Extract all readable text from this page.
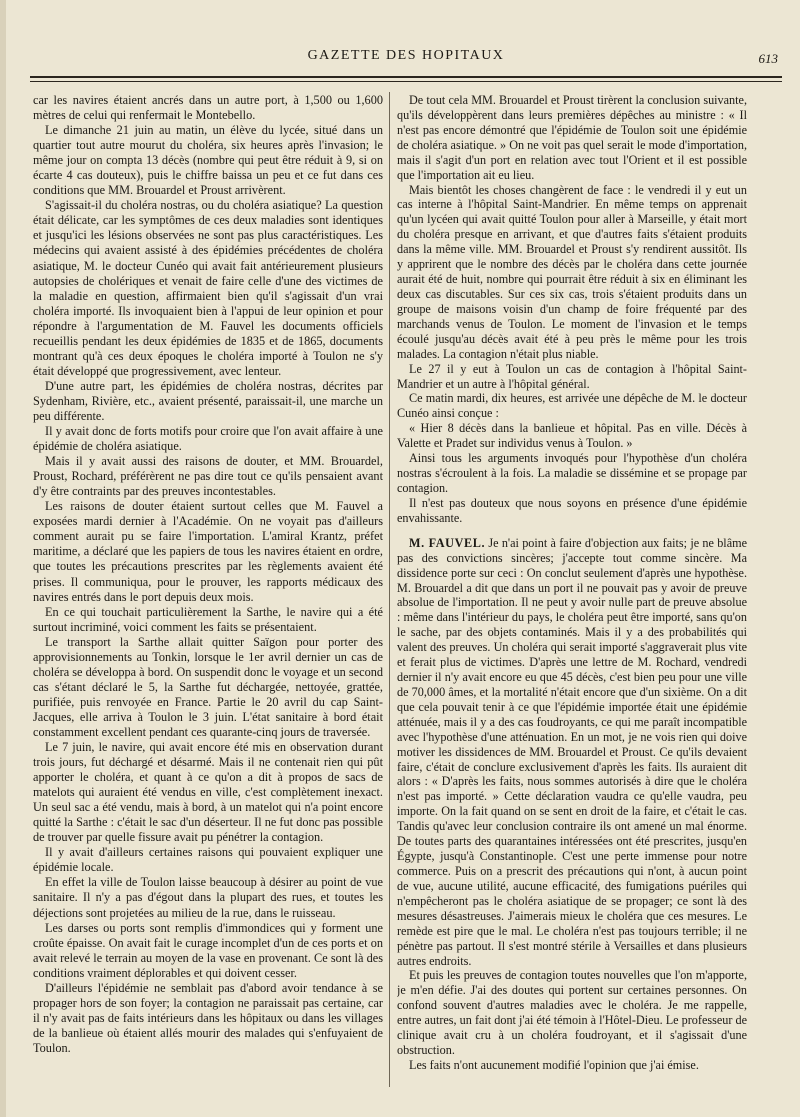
GAZETTE DES HOPITAUX	613

car les navires étaient ancrés dans un autre port, à 1,500 ou 1,600 mètres de celui qui renfermait le Montebello.

Le dimanche 21 juin au matin, un élève du lycée, situé dans un quartier tout autre mourut du choléra, six heures après l'invasion; le même jour on compta 13 décès (nombre qui peut être réduit à 9, si on écarte 4 cas douteux), puis le chiffre baissa un peu et ce fut dans ces conditions que MM. Brouardel et Proust arrivèrent.

S'agissait-il du choléra nostras, ou du choléra asiatique? La question était délicate, car les symptômes de ces deux maladies sont identiques et jusqu'ici les lésions observées ne sont pas plus caractéristiques. Les médecins qui avaient assisté à des épidémies précédentes de choléra asiatique, M. le docteur Cunéo qui avait fait antérieurement plusieurs autopsies de cholériques et venait de faire celle d'une des victimes de la maladie en question, affirmaient bien qu'il s'agissait d'un vrai choléra importé. Ils invoquaient bien à l'appui de leur opinion et pour répondre à l'argumentation de M. Fauvel les documents officiels recueillis pendant les deux épidémies de 1835 et de 1865, documents montrant qu'à ces deux époques le choléra importé à Toulon ne s'y était développé que progressivement, avec lenteur.

D'une autre part, les épidémies de choléra nostras, décrites par Sydenham, Rivière, etc., avaient présenté, paraissait-il, une marche un peu différente.

Il y avait donc de forts motifs pour croire que l'on avait affaire à une épidémie de choléra asiatique.

Mais il y avait aussi des raisons de douter, et MM. Brouardel, Proust, Rochard, préférèrent ne pas dire tout ce qu'ils pensaient avant d'y être contraints par des preuves incontestables.

Les raisons de douter étaient surtout celles que M. Fauvel a exposées mardi dernier à l'Académie. On ne voyait pas d'ailleurs comment aurait pu se faire l'importation. L'amiral Krantz, préfet maritime, a déclaré que les papiers de tous les navires étaient en ordre, que toutes les précautions prescrites par les règlements avaient été prises. Il communiqua, pour le prouver, les rapports médicaux des navires entrés dans le port depuis deux mois.

En ce qui touchait particulièrement la Sarthe, le navire qui a été surtout incriminé, voici comment les faits se présentaient.

Le transport la Sarthe allait quitter Saïgon pour porter des approvisionnements au Tonkin, lorsque le 1er avril dernier un cas de choléra se développa à bord. On suspendit donc le voyage et un second cas s'étant déclaré le 5, la Sarthe fut déchargée, nettoyée, grattée, purifiée, puis renvoyée en France. Partie le 20 avril du cap Saint-Jacques, elle arriva à Toulon le 3 juin. L'état sanitaire à bord était constamment excellent pendant ces quarante-cinq jours de traversée.

Le 7 juin, le navire, qui avait encore été mis en observation durant trois jours, fut déchargé et désarmé. Mais il ne contenait rien qui pût apporter le choléra, et quant à ce qu'on a dit à propos de sacs de matelots qui auraient été vendus en ville, c'est complètement inexact. Un seul sac a été vendu, mais à bord, à un matelot qui n'a point encore quitté la Sarthe : c'était le sac d'un déserteur. Il ne fut donc pas possible de trouver par quelle fissure avait pu pénétrer la contagion.

Il y avait d'ailleurs certaines raisons qui pouvaient expliquer une épidémie locale.

En effet la ville de Toulon laisse beaucoup à désirer au point de vue sanitaire. Il n'y a pas d'égout dans la plupart des rues, et toutes les déjections sont projetées au milieu de la rue, dans le ruisseau.

Les darses ou ports sont remplis d'immondices qui y forment une croûte épaisse. On avait fait le curage incomplet d'un de ces ports et on avait relevé le terrain au moyen de la vase en provenant. Ce sont là des conditions vraiment déplorables et qui doivent cesser.

D'ailleurs l'épidémie ne semblait pas d'abord avoir tendance à se propager hors de son foyer; la contagion ne paraissait pas certaine, car il n'y avait pas de faits intérieurs dans les hôpitaux ou dans les villages de la banlieue où étaient allés mourir des malades qui s'enfuyaient de Toulon.

De tout cela MM. Brouardel et Proust tirèrent la conclusion suivante, qu'ils développèrent dans leurs premières dépêches au ministre : « Il n'est pas encore démontré que l'épidémie de Toulon soit une épidémie de choléra asiatique. » On ne voit pas quel serait le mode d'importation, mais il s'agit d'un port en relation avec tout l'Orient et il est possible que l'importation ait eu lieu.

Mais bientôt les choses changèrent de face : le vendredi il y eut un cas interne à l'hôpital Saint-Mandrier. En même temps on apprenait qu'un lycéen qui avait quitté Toulon pour aller à Marseille, y était mort du choléra presque en arrivant, et que d'autres faits s'étaient produits dans la même ville. MM. Brouardel et Proust s'y rendirent aussitôt. Ils y apprirent que le nombre des décès par le choléra dans cette journée aurait été de huit, nombre qui pourrait être réduit à six en éliminant les deux cas discutables. Sur ces six cas, trois s'étaient produits dans un groupe de maisons voisin d'un champ de foire fréquenté par des marchands venus de Toulon. Le moment de l'invasion et le temps écoulé jusqu'au décès avait été à peu près le même pour les trois malades. La contagion n'était plus niable.

Le 27 il y eut à Toulon un cas de contagion à l'hôpital Saint-Mandrier et un autre à l'hôpital général.

Ce matin mardi, dix heures, est arrivée une dépêche de M. le docteur Cunéo ainsi conçue :

« Hier 8 décès dans la banlieue et hôpital. Pas en ville. Décès à Valette et Pradet sur individus venus à Toulon. »

Ainsi tous les arguments invoqués pour l'hypothèse d'un choléra nostras s'écroulent à la fois. La maladie se dissémine et se propage par contagion.

Il n'est pas douteux que nous soyons en présence d'une épidémie envahissante.

M. FAUVEL. Je n'ai point à faire d'objection aux faits; je ne blâme pas des convictions sincères; j'accepte tout comme sincère. Ma dissidence porte sur ceci : On conclut seulement d'après une hypothèse. M. Brouardel a dit que dans un port il ne pouvait pas y avoir de preuve absolue de l'importation. Il ne peut y avoir nulle part de preuve absolue : même dans l'intérieur du pays, le choléra peut être importé, sans qu'on le sache, par des objets contaminés. Mais il y a des probabilités qui valent des preuves. Un choléra qui serait importé s'aggraverait plus vite et ferait plus de victimes. D'après une lettre de M. Rochard, vendredi dernier il n'y avait encore eu que 45 décès, c'est bien peu pour une ville de 70,000 âmes, et la mortalité n'était encore que d'un sixième. On a dit que cela pouvait tenir à ce que l'épidémie importée était une épidémie atténuée, mais il y a des cas foudroyants, ce qui me paraît incompatible avec l'hypothèse d'une atténuation. En un mot, je ne vois rien qui doive motiver les dissidences de MM. Brouardel et Proust. Ce qu'ils devaient faire, c'était de conclure exclusivement d'après les faits. Ils auraient dit alors : « D'après les faits, nous sommes autorisés à dire que le choléra n'est pas importé. » Cette déclaration vaudra ce qu'elle vaudra, peu importe. On la fait quand on se sent en droit de la faire, et c'était le cas. Tandis qu'avec leur conclusion contraire ils ont amené un mal énorme. De toutes parts des quarantaines intéressées ont été prescrites, jusqu'en Égypte, jusqu'à Constantinople. C'est une perte immense pour notre commerce. Puis on a prescrit des précautions qui n'ont, à aucun point de vue, aucune utilité, aucune efficacité, des fumigations puériles qui n'empêcheront pas le choléra asiatique de se propager; ce sont là des mesures désastreuses. J'aimerais mieux le choléra que ces mesures. Le remède est pire que le mal. Le choléra n'est pas toujours terrible; il ne pénètre pas partout. Il s'est montré stérile à Versailles et dans plusieurs autres endroits.

Et puis les preuves de contagion toutes nouvelles que l'on m'apporte, je m'en défie. J'ai des doutes qui portent sur certaines personnes. On confond souvent d'autres maladies avec le choléra. Je me rappelle, entre autres, un fait dont j'ai été témoin à l'Hôtel-Dieu. Le professeur de clinique avait cru à un choléra foudroyant, et il s'agissait d'une obstruction.

Les faits n'ont aucunement modifié l'opinion que j'ai émise.
